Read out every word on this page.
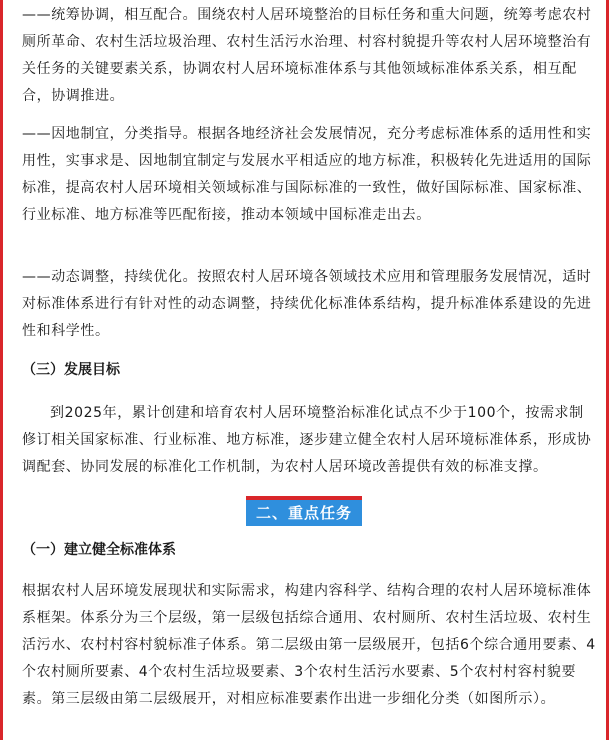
——统筹协调，相互配合。围绕农村人居环境整治的目标任务和重大问题，统筹考虑农村厕所革命、农村生活垃圾治理、农村生活污水治理、村容村貌提升等农村人居环境整治有关任务的关键要素关系，协调农村人居环境标准体系与其他领域标准体系关系，相互配合，协调推进。

——因地制宜，分类指导。根据各地经济社会发展情况，充分考虑标准体系的适用性和实用性，实事求是、因地制宜制定与发展水平相适应的地方标准，积极转化先进适用的国际标准，提高农村人居环境相关领域标准与国际标准的一致性，做好国际标准、国家标准、行业标准、地方标准等匹配衔接，推动本领域中国标准走出去。

——动态调整，持续优化。按照农村人居环境各领域技术应用和管理服务发展情况，适时对标准体系进行有针对性的动态调整，持续优化标准体系结构，提升标准体系建设的先进性和科学性。

（三）发展目标

到2025年，累计创建和培育农村人居环境整治标准化试点不少于100个，按需求制修订相关国家标准、行业标准、地方标准，逐步建立健全农村人居环境标准体系，形成协调配套、协同发展的标准化工作机制，为农村人居环境改善提供有效的标准支撑。

（一）建立健全标准体系

根据农村人居环境发展现状和实际需求，构建内容科学、结构合理的农村人居环境标准体系框架。体系分为三个层级，第一层级包括综合通用、农村厕所、农村生活垃圾、农村生活污水、农村村容村貌标准子体系。第二层级由第一层级展开，包括6个综合通用要素、4个农村厕所要素、4个农村生活垃圾要素、3个农村生活污水要素、5个农村村容村貌要素。第三层级由第二层级展开，对相应标准要素作出进一步细化分类（如图所示）。

二、重点任务
